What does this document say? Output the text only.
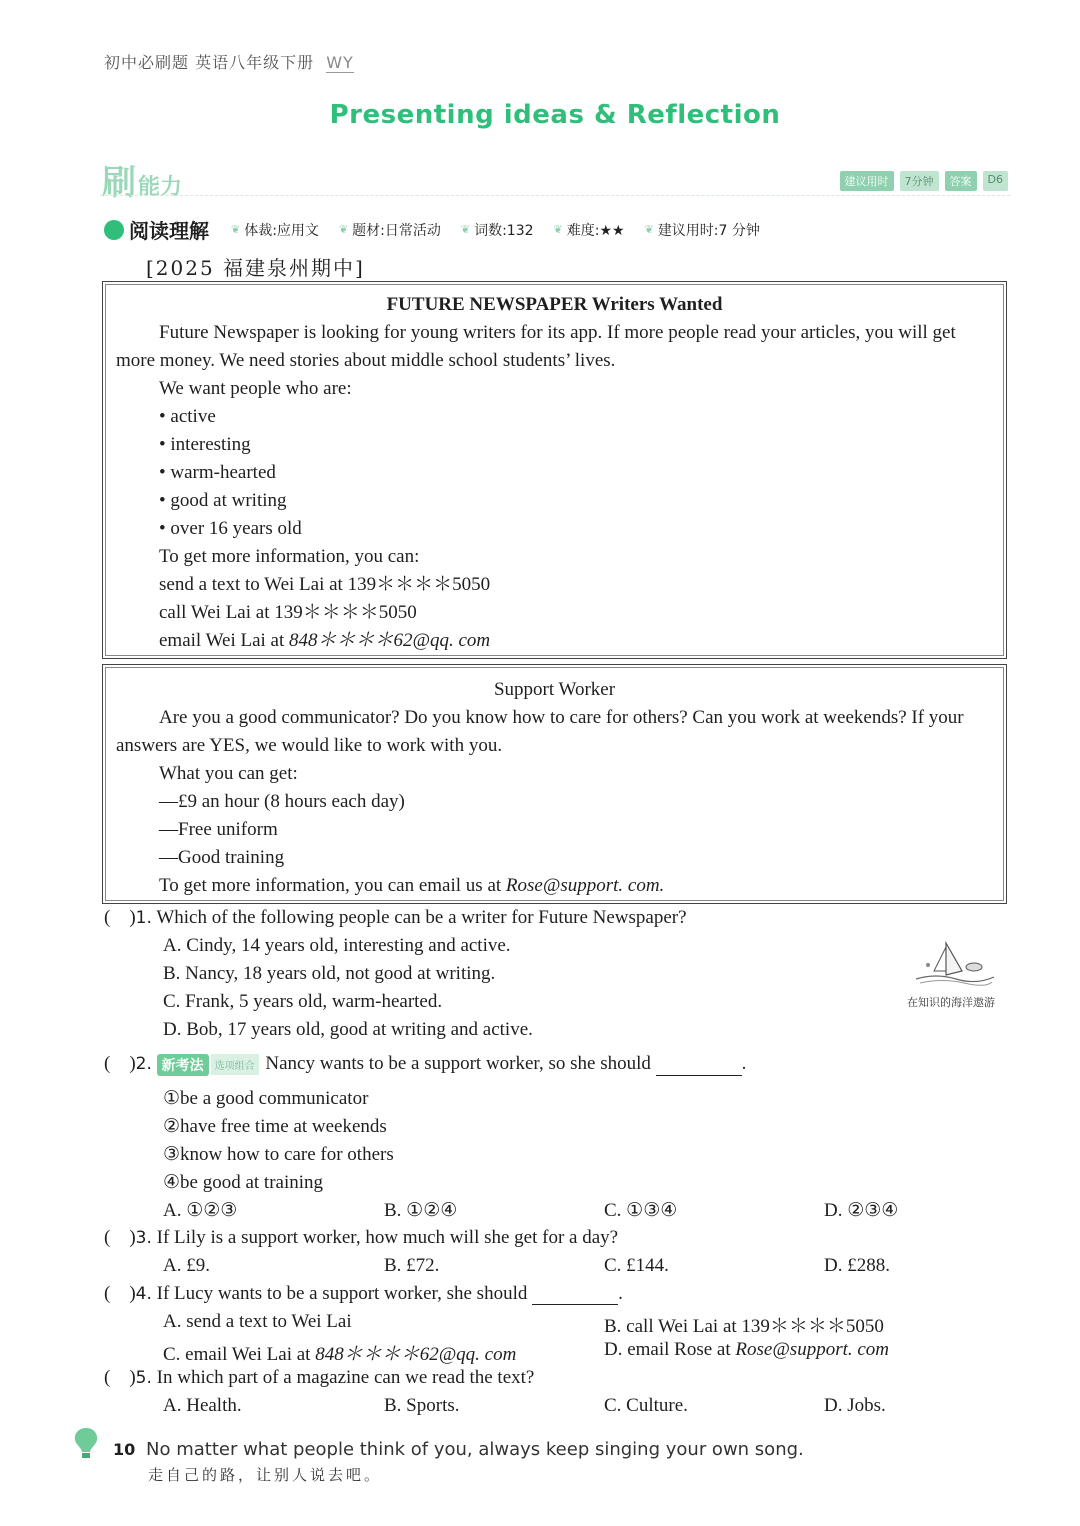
初中必刷题 英语八年级下册 WY
Presenting ideas & Reflection
刷能力	建议用时	7分钟	答案	D6
阅读理解 ❦ 体裁:应用文 ❦ 题材:日常活动 ❦ 词数:132 ❦ 难度:★★ ❦ 建议用时:7 分钟
[2025 福建泉州期中]
FUTURE NEWSPAPER Writers Wanted
Future Newspaper is looking for young writers for its app. If more people read your articles, you will get more money. We need stories about middle school students’ lives.
We want people who are:
• active
• interesting
• warm-hearted
• good at writing
• over 16 years old
To get more information, you can:
send a text to Wei Lai at 139＊＊＊＊5050
call Wei Lai at 139＊＊＊＊5050
email Wei Lai at 848＊＊＊＊62@qq. com
Support Worker
Are you a good communicator? Do you know how to care for others? Can you work at weekends? If your answers are YES, we would like to work with you.
What you can get:
—£9 an hour (8 hours each day)
—Free uniform
—Good training
To get more information, you can email us at Rose@support. com.
(    )1. Which of the following people can be a writer for Future Newspaper?
A. Cindy, 14 years old, interesting and active.
B. Nancy, 18 years old, not good at writing.
C. Frank, 5 years old, warm-hearted.
D. Bob, 17 years old, good at writing and active.
在知识的海洋遨游
(    )2. 新考法 选项组合 Nancy wants to be a support worker, so she should	.
①be a good communicator
②have free time at weekends
③know how to care for others
④be good at training
A. ①②③	B. ①②④	C. ①③④	D. ②③④
(    )3. If Lily is a support worker, how much will she get for a day?
A. £9.	B. £72.	C. £144.	D. £288.
(    )4. If Lucy wants to be a support worker, she should	.
A. send a text to Wei Lai	B. call Wei Lai at 139＊＊＊＊5050
C. email Wei Lai at 848＊＊＊＊62@qq. com	D. email Rose at Rose@support. com
(    )5. In which part of a magazine can we read the text?
A. Health.	B. Sports.	C. Culture.	D. Jobs.
10 No matter what people think of you, always keep singing your own song.
走自己的路，让别人说去吧。
